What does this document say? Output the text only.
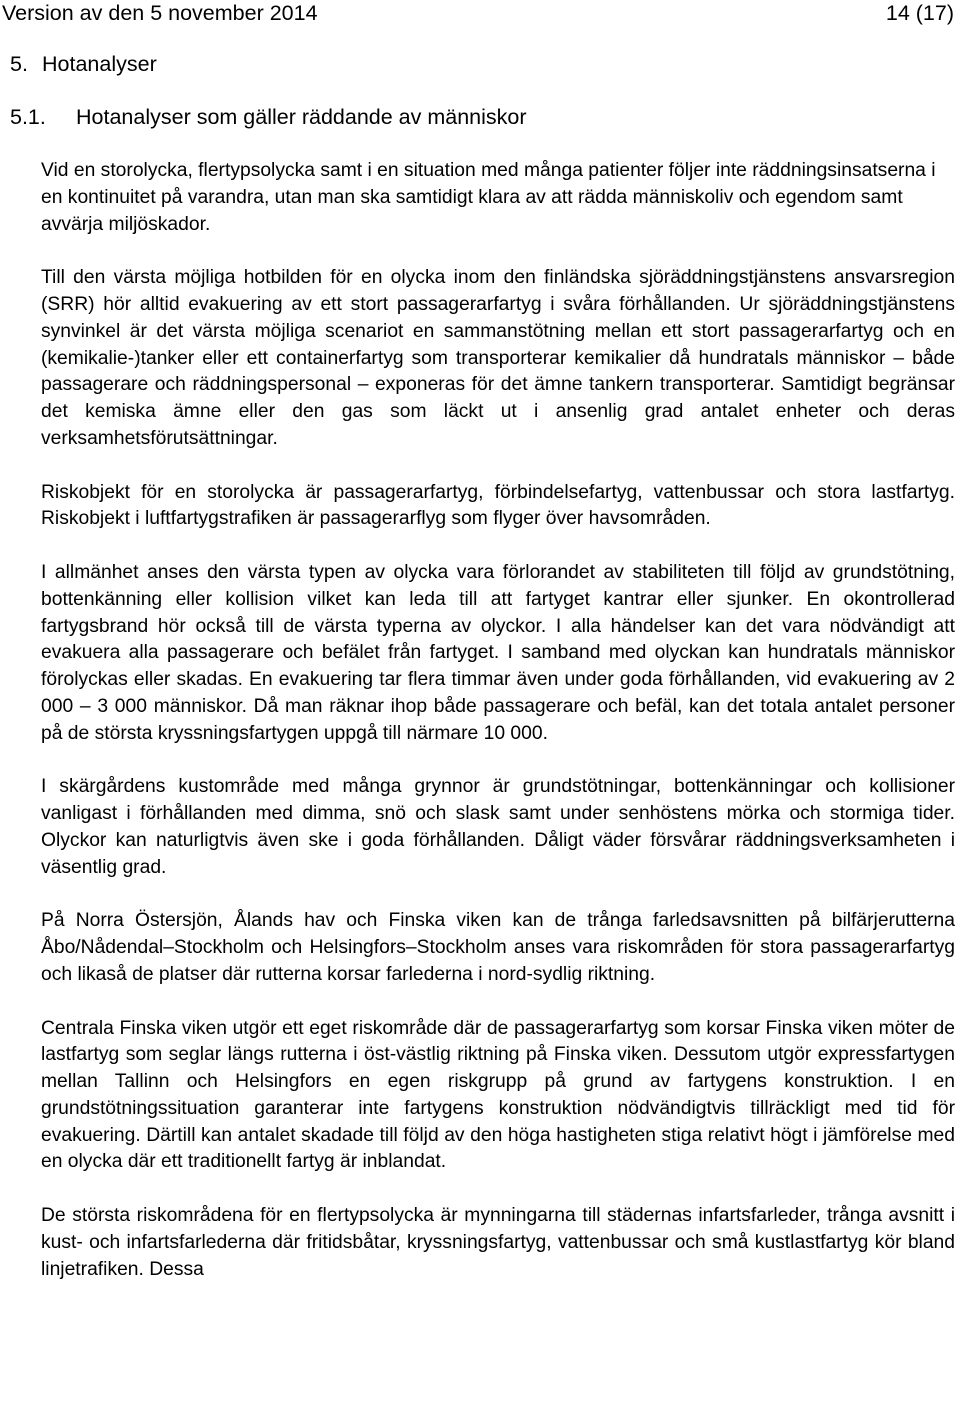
Version av den 5 november 2014	14 (17)
5. Hotanalyser
5.1. Hotanalyser som gäller räddande av människor

Vid en storolycka, flertypsolycka samt i en situation med många patienter följer inte räddningsinsatserna i en kontinuitet på varandra, utan man ska samtidigt klara av att rädda människoliv och egendom samt avvärja miljöskador.

Till den värsta möjliga hotbilden för en olycka inom den finländska sjöräddningstjänstens ansvarsregion (SRR) hör alltid evakuering av ett stort passagerarfartyg i svåra förhållanden. Ur sjöräddningstjänstens synvinkel är det värsta möjliga scenariot en sammanstötning mellan ett stort passagerarfartyg och en (kemikalie-)tanker eller ett containerfartyg som transporterar kemikalier då hundratals människor – både passagerare och räddningspersonal – exponeras för det ämne tankern transporterar. Samtidigt begränsar det kemiska ämne eller den gas som läckt ut i ansenlig grad antalet enheter och deras verksamhetsförutsättningar.

Riskobjekt för en storolycka är passagerarfartyg, förbindelsefartyg, vattenbussar och stora lastfartyg. Riskobjekt i luftfartygstrafiken är passagerarflyg som flyger över havsområden.

I allmänhet anses den värsta typen av olycka vara förlorandet av stabiliteten till följd av grundstötning, bottenkänning eller kollision vilket kan leda till att fartyget kantrar eller sjunker. En okontrollerad fartygsbrand hör också till de värsta typerna av olyckor. I alla händelser kan det vara nödvändigt att evakuera alla passagerare och befälet från fartyget. I samband med olyckan kan hundratals människor förolyckas eller skadas. En evakuering tar flera timmar även under goda förhållanden, vid evakuering av 2 000 – 3 000 människor. Då man räknar ihop både passagerare och befäl, kan det totala antalet personer på de största kryssningsfartygen uppgå till närmare 10 000.

I skärgårdens kustområde med många grynnor är grundstötningar, bottenkänningar och kollisioner vanligast i förhållanden med dimma, snö och slask samt under senhöstens mörka och stormiga tider. Olyckor kan naturligtvis även ske i goda förhållanden. Dåligt väder försvårar räddningsverksamheten i väsentlig grad.

På Norra Östersjön, Ålands hav och Finska viken kan de trånga farledsavsnitten på bilfärjerutterna Åbo/Nådendal–Stockholm och Helsingfors–Stockholm anses vara riskområden för stora passagerarfartyg och likaså de platser där rutterna korsar farlederna i nord-sydlig riktning.

Centrala Finska viken utgör ett eget riskområde där de passagerarfartyg som korsar Finska viken möter de lastfartyg som seglar längs rutterna i öst-västlig riktning på Finska viken. Dessutom utgör expressfartygen mellan Tallinn och Helsingfors en egen riskgrupp på grund av fartygens konstruktion. I en grundstötningssituation garanterar inte fartygens konstruktion nödvändigtvis tillräckligt med tid för evakuering. Därtill kan antalet skadade till följd av den höga hastigheten stiga relativt högt i jämförelse med en olycka där ett traditionellt fartyg är inblandat.

De största riskområdena för en flertypsolycka är mynningarna till städernas infartsfarleder, trånga avsnitt i kust- och infartsfarlederna där fritidsbåtar, kryssningsfartyg, vattenbussar och små kustlastfartyg kör bland linjetrafiken. Dessa
